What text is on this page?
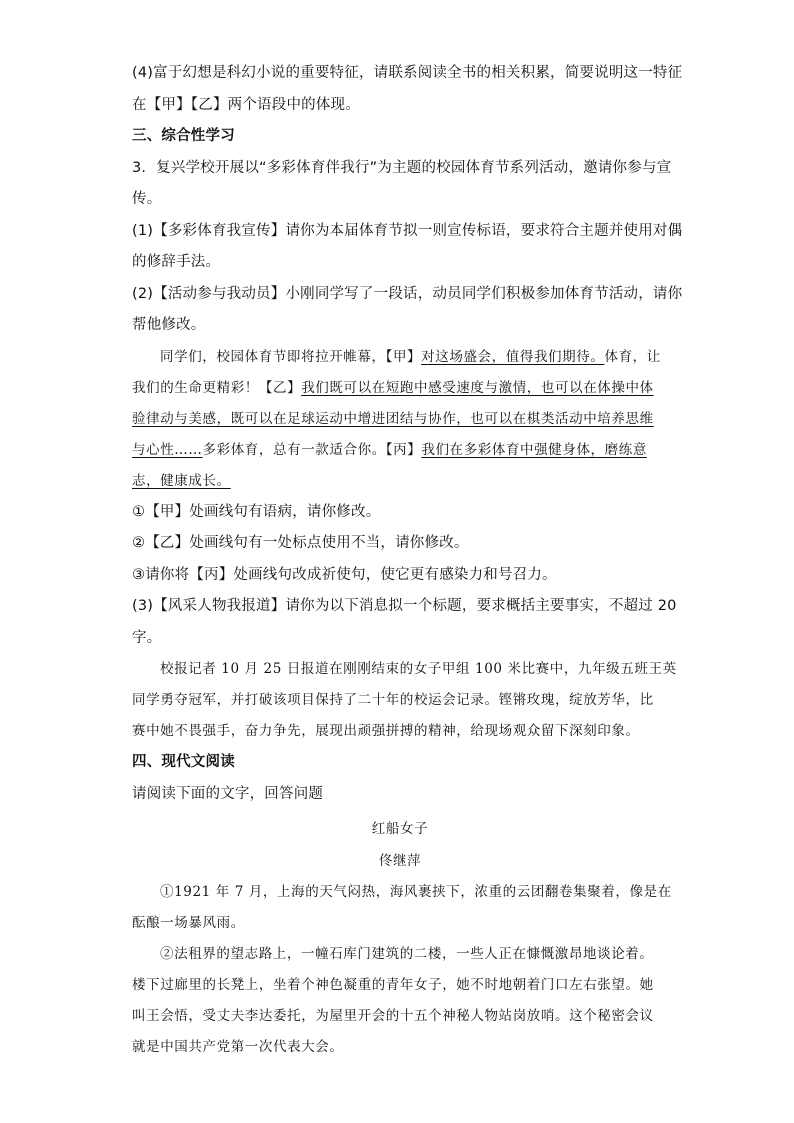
(4)富于幻想是科幻小说的重要特征，请联系阅读全书的相关积累，简要说明这一特征
在【甲】【乙】两个语段中的体现。
三、综合性学习
3．复兴学校开展以“多彩体育伴我行”为主题的校园体育节系列活动，邀请你参与宣
传。
(1)【多彩体育我宣传】请你为本届体育节拟一则宣传标语，要求符合主题并使用对偶
的修辞手法。
(2)【活动参与我动员】小刚同学写了一段话，动员同学们积极参加体育节活动，请你
帮他修改。
同学们，校园体育节即将拉开帷幕，【甲】对这场盛会，值得我们期待。体育，让
我们的生命更精彩！【乙】我们既可以在短跑中感受速度与激情，也可以在体操中体
验律动与美感，既可以在足球运动中增进团结与协作，也可以在棋类活动中培养思维
与心性……多彩体育，总有一款适合你。【丙】我们在多彩体育中强健身体，磨练意
志，健康成长。
①【甲】处画线句有语病，请你修改。
②【乙】处画线句有一处标点使用不当，请你修改。
③请你将【丙】处画线句改成祈使句，使它更有感染力和号召力。
(3)【风采人物我报道】请你为以下消息拟一个标题，要求概括主要事实，不超过 20
字。
校报记者 10 月 25 日报道在刚刚结束的女子甲组 100 米比赛中，九年级五班王英
同学勇夺冠军，并打破该项目保持了二十年的校运会记录。铿锵玫瑰，绽放芳华，比
赛中她不畏强手，奋力争先，展现出顽强拼搏的精神，给现场观众留下深刻印象。
四、现代文阅读
请阅读下面的文字，回答问题
红船女子
佟继萍
①1921 年 7 月，上海的天气闷热，海风裹挟下，浓重的云团翻卷集聚着，像是在
酝酿一场暴风雨。
②法租界的望志路上，一幢石库门建筑的二楼，一些人正在慷慨激昂地谈论着。
楼下过廊里的长凳上，坐着个神色凝重的青年女子，她不时地朝着门口左右张望。她
叫王会悟，受丈夫李达委托，为屋里开会的十五个神秘人物站岗放哨。这个秘密会议
就是中国共产党第一次代表大会。
